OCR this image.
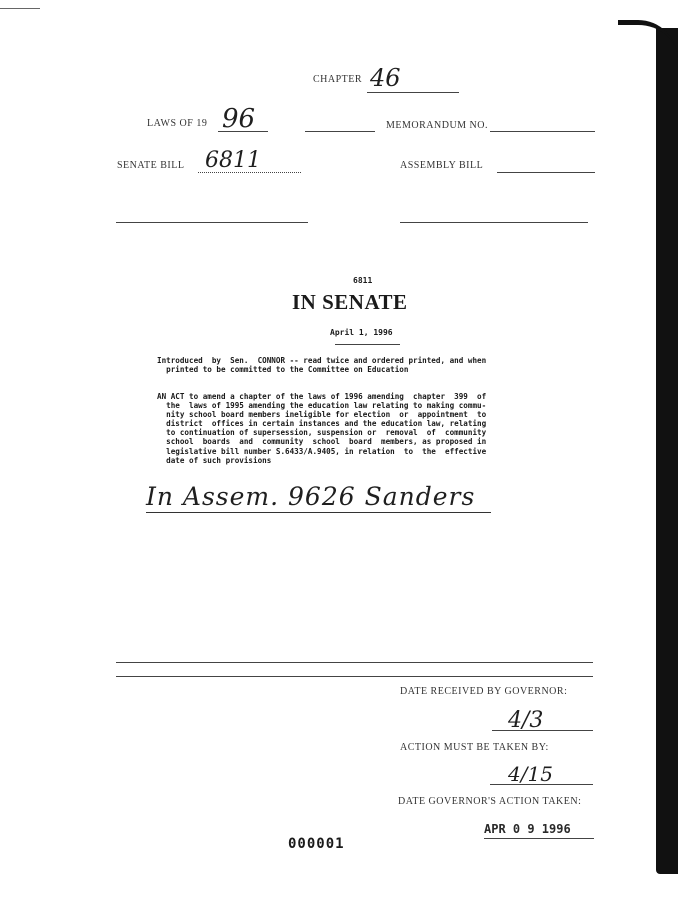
CHAPTER 46
LAWS OF 19 96	MEMORANDUM NO.
SENATE BILL 6811	ASSEMBLY BILL
6811
IN SENATE
April 1, 1996
Introduced  by  Sen.  CONNOR -- read twice and ordered printed, and when
printed to be committed to the Committee on Education
AN ACT to amend a chapter of the laws of 1996 amending  chapter  399  of
the  laws of 1995 amending the education law relating to making commu-
nity school board members ineligible for election  or  appointment  to
district  offices in certain instances and the education law, relating
to continuation of supersession, suspension or  removal  of  community
school  boards  and  community  school  board  members, as proposed in
legislative bill number S.6433/A.9405, in relation  to  the  effective
date of such provisions
In Assem. 9626 Sanders
DATE RECEIVED BY GOVERNOR:
4/3
ACTION MUST BE TAKEN BY:
4/15
DATE GOVERNOR'S ACTION TAKEN:
APR 0 9 1996
000001
